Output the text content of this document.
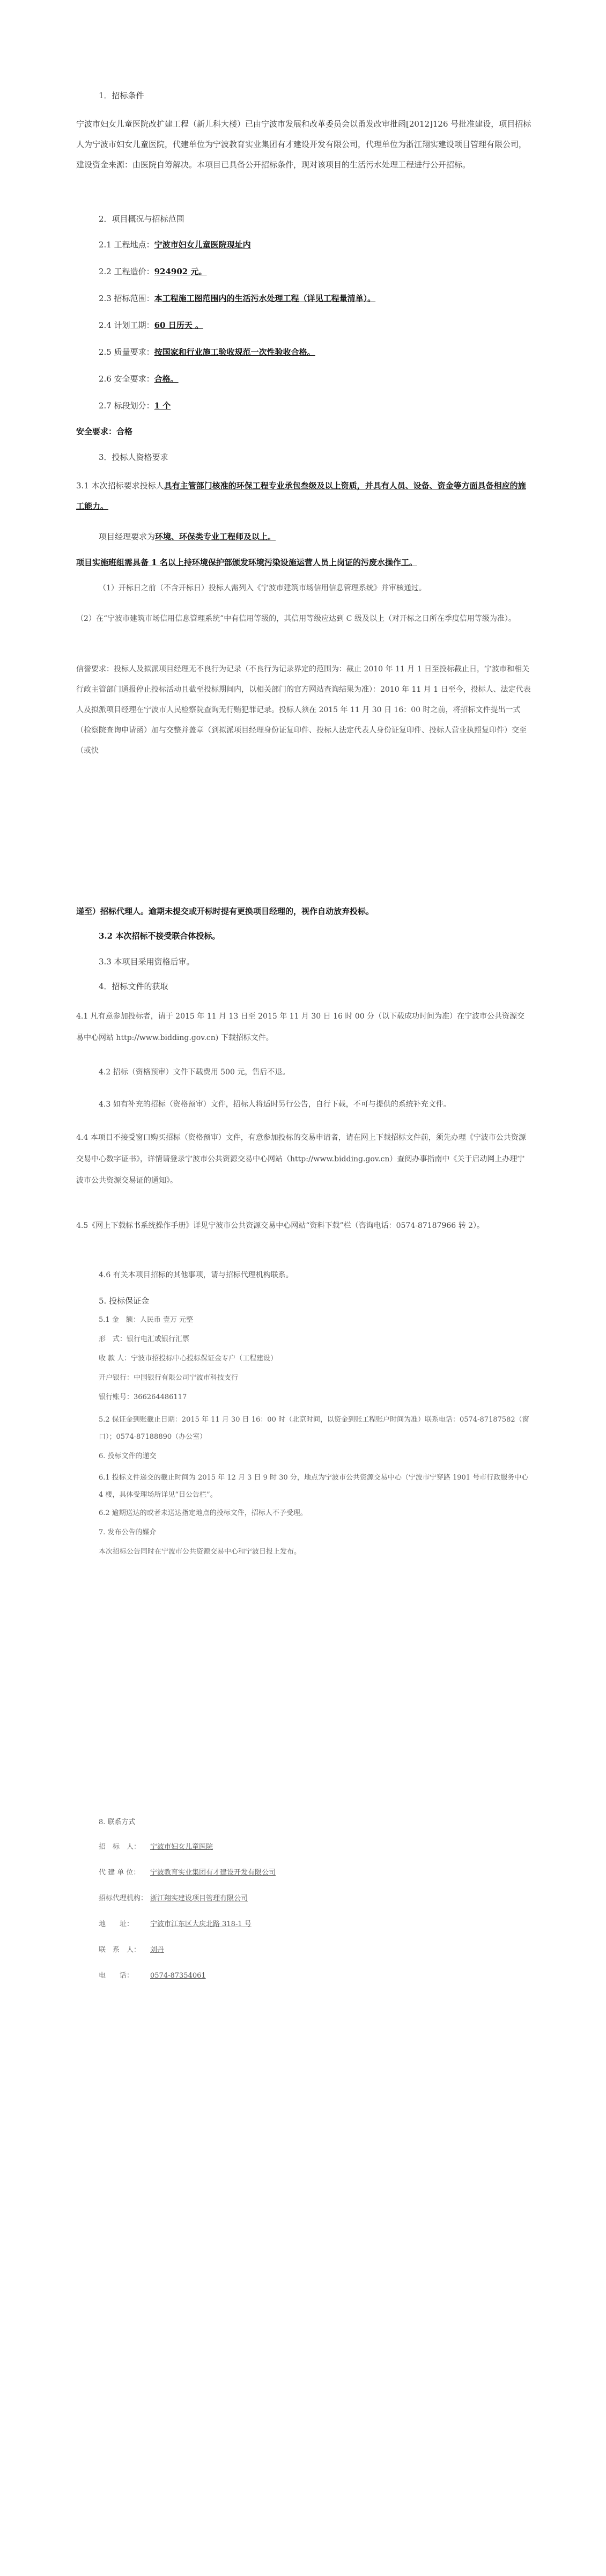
1．招标条件
宁波市妇女儿童医院改扩建工程（新儿科大楼）已由宁波市发展和改革委员会以甬发改审批函[2012]126 号批准建设，项目招标人为宁波市妇女儿童医院，代建单位为宁波教育实业集团有才建设开发有限公司，代理单位为浙江翔实建设项目管理有限公司，建设资金来源：由医院自筹解决。本项目已具备公开招标条件，现对该项目的生活污水处理工程进行公开招标。
2．项目概况与招标范围
2.1 工程地点：宁波市妇女儿童医院现址内
2.2 工程造价：924902 元。
2.3 招标范围：本工程施工图范围内的生活污水处理工程（详见工程量清单）。
2.4 计划工期：60 日历天 。
2.5 质量要求：按国家和行业施工验收规范一次性验收合格。
2.6 安全要求：合格。
2.7 标段划分：1 个
安全要求：合格
3．投标人资格要求
3.1 本次招标要求投标人具有主管部门核准的环保工程专业承包叁级及以上资质，并具有人员、设备、资金等方面具备相应的施工能力。
项目经理要求为环境、环保类专业工程师及以上。
项目实施班组需具备 1 名以上持环境保护部颁发环境污染设施运营人员上岗证的污废水操作工。
（1）开标日之前（不含开标日）投标人需列入《宁波市建筑市场信用信息管理系统》并审核通过。
（2）在“宁波市建筑市场信用信息管理系统”中有信用等级的，其信用等级应达到 C 级及以上（对开标之日所在季度信用等级为准）。
信誉要求：投标人及拟派项目经理无不良行为记录（不良行为记录界定的范围为：截止 2010 年 11 月 1 日至投标截止日，宁波市和相关行政主管部门通报停止投标活动且截至投标期间内，以相关部门的官方网站查询结果为准）：2010 年 11 月 1 日至今，投标人、法定代表人及拟派项目经理在宁波市人民检察院查询无行贿犯罪记录。投标人须在 2015 年 11 月 30 日 16：00 时之前，将招标文件提出一式（检察院查询申请函）加与交整并盖章（到拟派项目经理身份证复印件、投标人法定代表人身份证复印件、投标人营业执照复印件）交至（或快
递至）招标代理人。逾期未提交或开标时提有更换项目经理的，视作自动放弃投标。
3.2 本次招标不接受联合体投标。
3.3 本项目采用资格后审。
4．招标文件的获取
4.1 凡有意参加投标者，请于 2015 年 11 月 13 日至 2015 年 11 月 30 日 16 时 00 分（以下载成功时间为准）在宁波市公共资源交易中心网站 http://www.bidding.gov.cn) 下载招标文件。
4.2 招标（资格预审）文件下载费用 500 元，售后不退。
4.3 如有补充的招标（资格预审）文件，招标人将适时另行公告，自行下载，不可与提供的系统补充文件。
4.4 本项目不接受窗口购买招标（资格预审）文件，有意参加投标的交易申请者，请在网上下载招标文件前，须先办理《宁波市公共资源交易中心数字证书》，详情请登录宁波市公共资源交易中心网站（http://www.bidding.gov.cn）查阅办事指南中《关于启动网上办理宁波市公共资源交易证的通知》。
4.5《网上下载标书系统操作手册》详见宁波市公共资源交易中心网站“资料下载”栏（咨询电话：0574-87187966 转 2）。
4.6 有关本项目招标的其他事项，请与招标代理机构联系。
5. 投标保证金
5.1 金　额：人民币 壹万 元整
形　式：银行电汇或银行汇票
收 款 人：宁波市招投标中心投标保证金专户（工程建设）
开户银行：中国银行有限公司宁波市科技支行
银行账号：366264486117
5.2 保证金到账截止日期：2015 年 11 月 30 日 16：00 时（北京时间，以资金到账工程账户时间为准）联系电话：0574-87187582（窗口）；0574-87188890（办公室）
6. 投标文件的递交
6.1 投标文件递交的截止时间为 2015 年 12 月 3 日 9 时 30 分，地点为宁波市公共资源交易中心（宁波市宁穿路 1901 号市行政服务中心 4 楼，具体受理场所详见“日公告栏”。
6.2 逾期送达的或者未送达指定地点的投标文件，招标人不予受理。
7. 发布公告的媒介
本次招标公告同时在宁波市公共资源交易中心和宁波日报上发布。
8. 联系方式
招　标　人： 宁波市妇女儿童医院
代 建 单 位： 宁波教育实业集团有才建设开发有限公司
招标代理机构： 浙江翔实建设项目管理有限公司
地　　址： 宁波市江东区大庆北路 318-1 号
联　系　人： 刘丹
电　　话： 0574-87354061
